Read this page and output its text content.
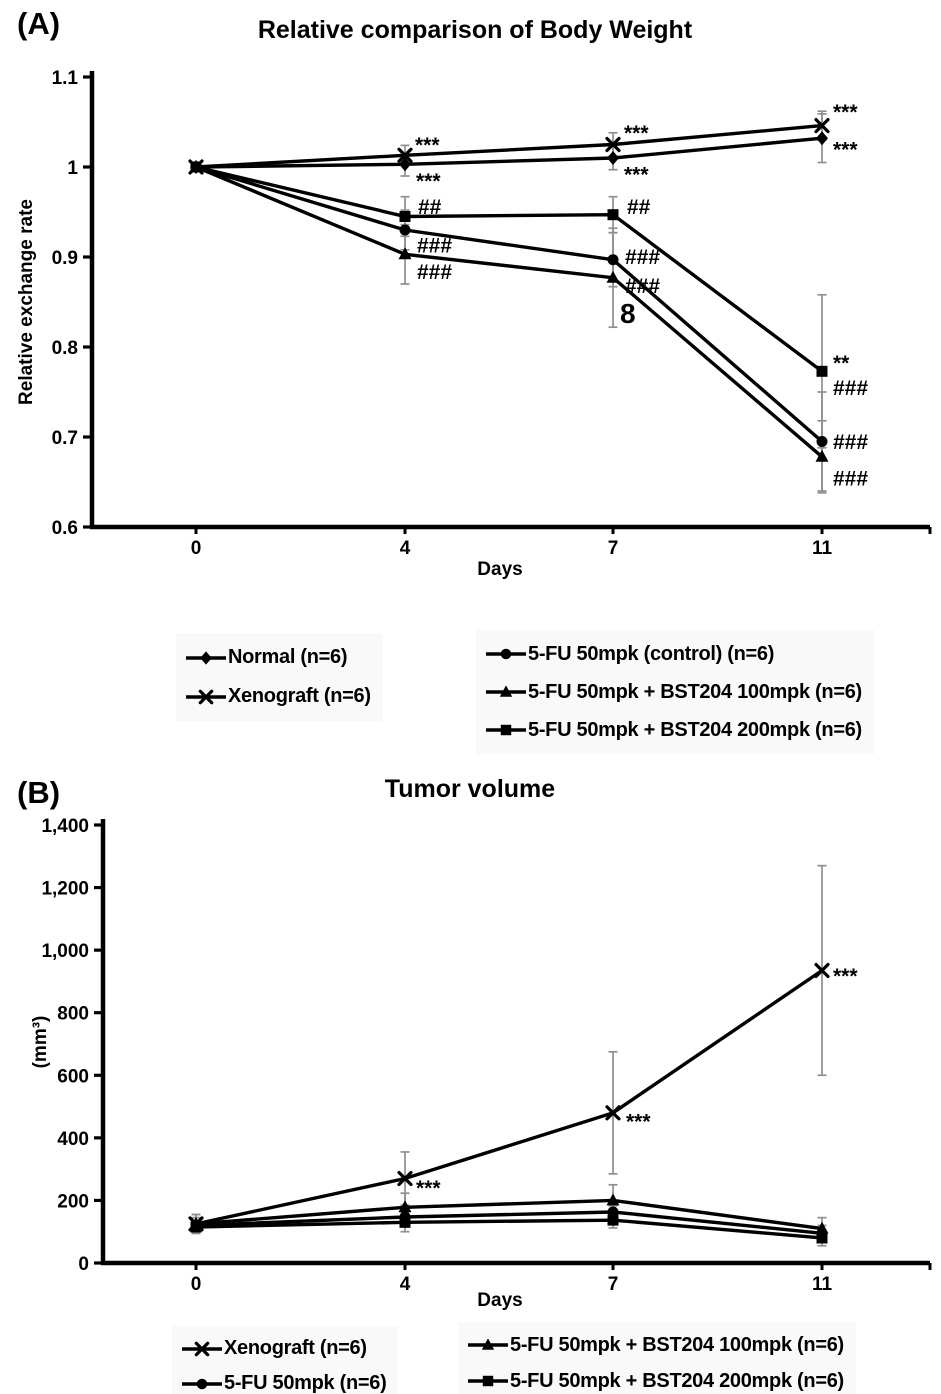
(A)	Relative comparison of Body Weight
Relative exchange rate
Days
1.1
1
0.9
0.8
0.7
0.6
0	4	7	11
***
***
##
###
###
***
***
##
###
###
8
***
***
**
###
###
###
Normal (n=6)
Xenograft (n=6)
5-FU 50mpk (control) (n=6)
5-FU 50mpk + BST204 100mpk (n=6)
5-FU 50mpk + BST204 200mpk (n=6)
(B)	Tumor volume
(mm³)
Days
1,400
1,200
1,000
800
600
400
200
0
0	4	7	11
***
***
***
Xenograft (n=6)
5-FU 50mpk (n=6)
5-FU 50mpk + BST204 100mpk (n=6)
5-FU 50mpk + BST204 200mpk (n=6)
